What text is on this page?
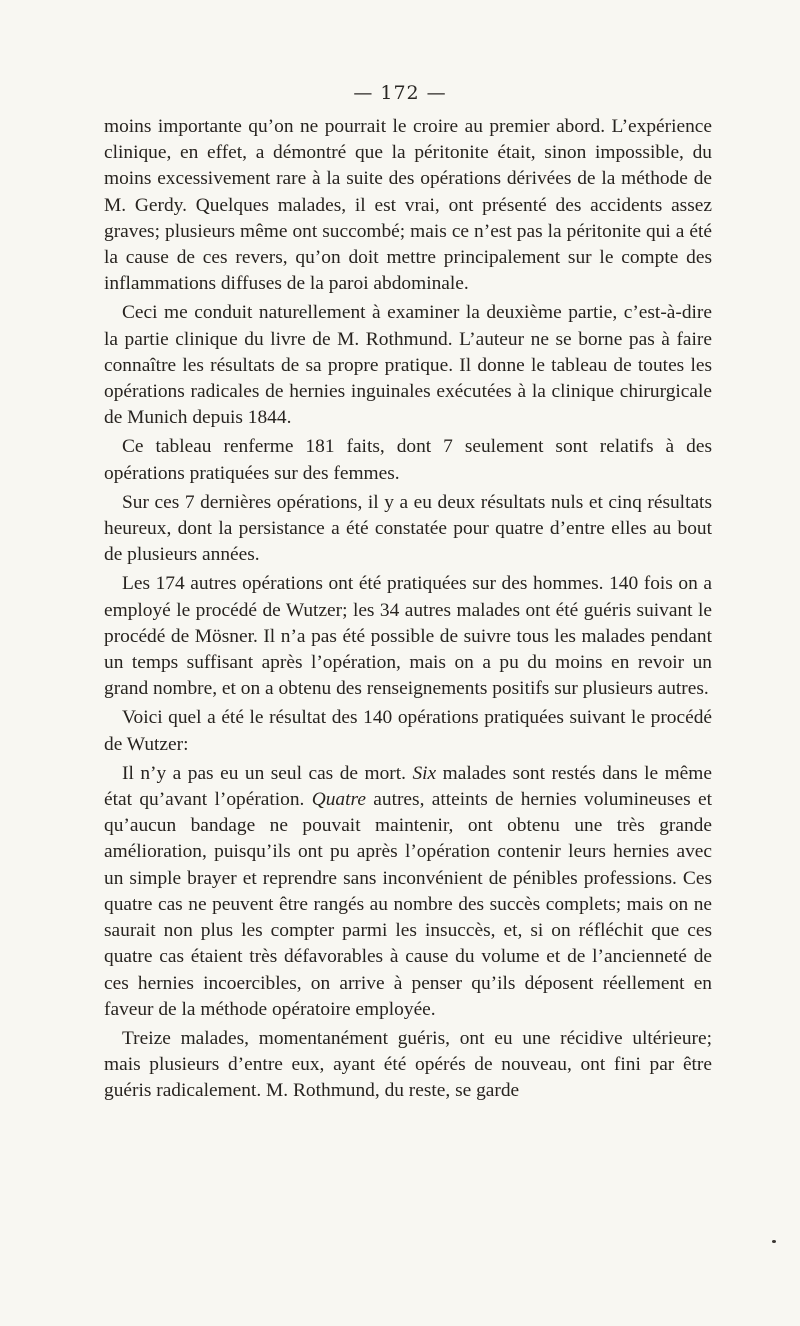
— 172 —

moins importante qu’on ne pourrait le croire au premier abord. L’expérience clinique, en effet, a démontré que la péritonite était, sinon impossible, du moins excessivement rare à la suite des opérations dérivées de la méthode de M. Gerdy. Quelques malades, il est vrai, ont présenté des accidents assez graves; plusieurs même ont succombé; mais ce n’est pas la péritonite qui a été la cause de ces revers, qu’on doit mettre principalement sur le compte des inflammations diffuses de la paroi abdominale.

Ceci me conduit naturellement à examiner la deuxième partie, c’est-à-dire la partie clinique du livre de M. Rothmund. L’auteur ne se borne pas à faire connaître les résultats de sa propre pratique. Il donne le tableau de toutes les opérations radicales de hernies inguinales exécutées à la clinique chirurgicale de Munich depuis 1844.

Ce tableau renferme 181 faits, dont 7 seulement sont relatifs à des opérations pratiquées sur des femmes.

Sur ces 7 dernières opérations, il y a eu deux résultats nuls et cinq résultats heureux, dont la persistance a été constatée pour quatre d’entre elles au bout de plusieurs années.

Les 174 autres opérations ont été pratiquées sur des hommes. 140 fois on a employé le procédé de Wutzer; les 34 autres malades ont été guéris suivant le procédé de Mösner. Il n’a pas été possible de suivre tous les malades pendant un temps suffisant après l’opération, mais on a pu du moins en revoir un grand nombre, et on a obtenu des renseignements positifs sur plusieurs autres.

Voici quel a été le résultat des 140 opérations pratiquées suivant le procédé de Wutzer:

Il n’y a pas eu un seul cas de mort. Six malades sont restés dans le même état qu’avant l’opération. Quatre autres, atteints de hernies volumineuses et qu’aucun bandage ne pouvait maintenir, ont obtenu une très grande amélioration, puisqu’ils ont pu après l’opération contenir leurs hernies avec un simple brayer et reprendre sans inconvénient de pénibles professions. Ces quatre cas ne peuvent être rangés au nombre des succès complets; mais on ne saurait non plus les compter parmi les insuccès, et, si on réfléchit que ces quatre cas étaient très défavorables à cause du volume et de l’ancienneté de ces hernies incoercibles, on arrive à penser qu’ils déposent réellement en faveur de la méthode opératoire employée.

Treize malades, momentanément guéris, ont eu une récidive ultérieure; mais plusieurs d’entre eux, ayant été opérés de nouveau, ont fini par être guéris radicalement. M. Rothmund, du reste, se garde
